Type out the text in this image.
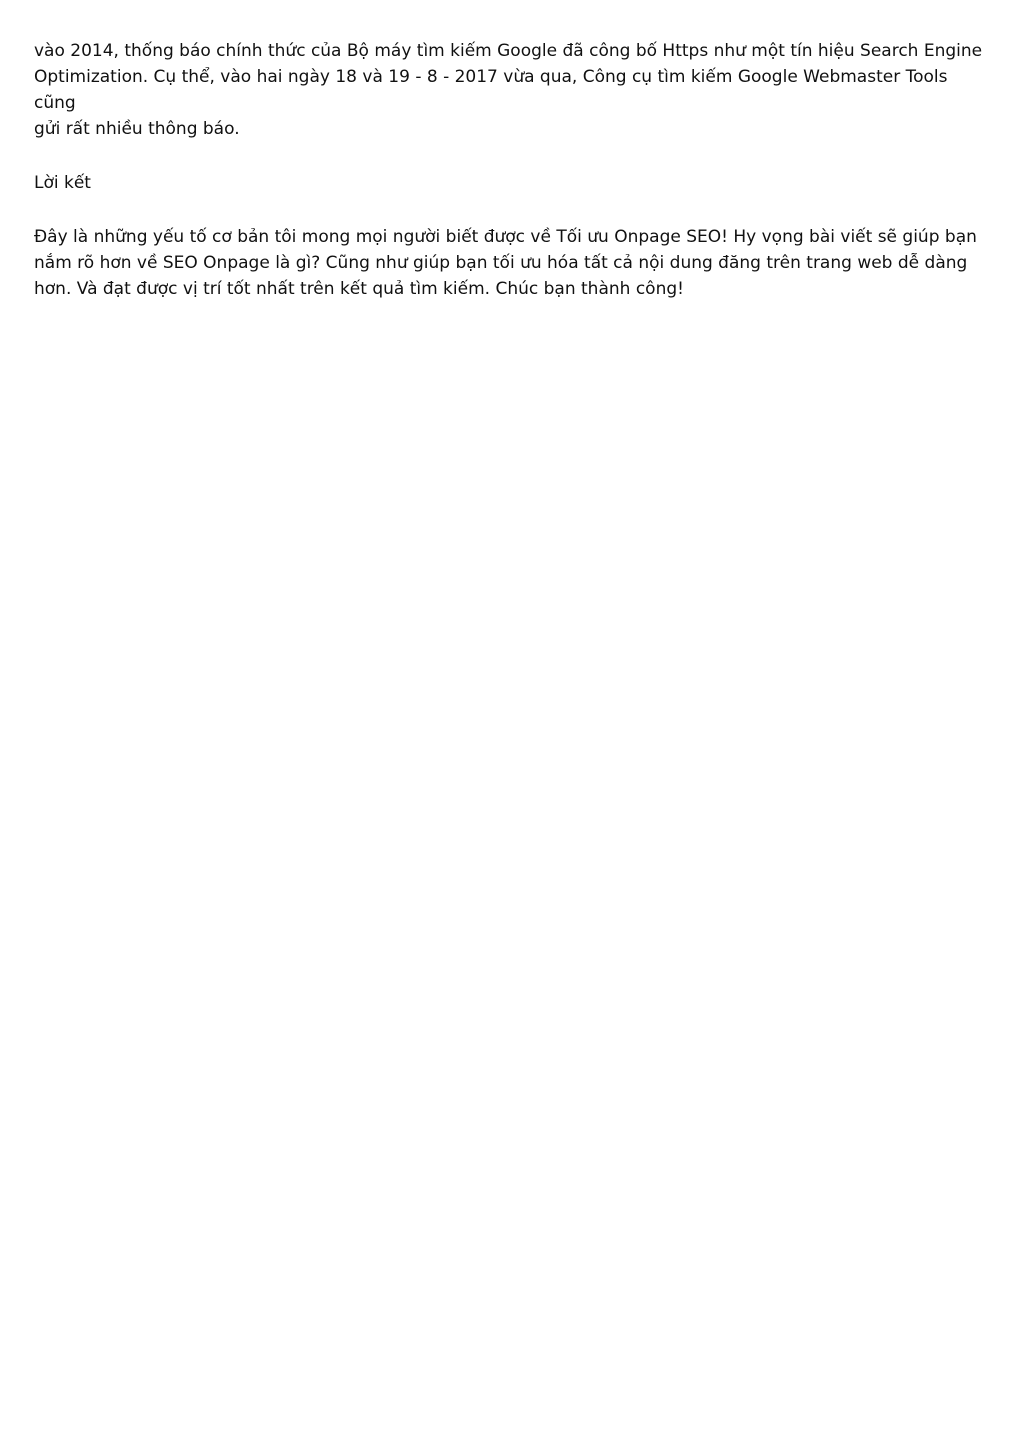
vào 2014, thống báo chính thức của Bộ máy tìm kiếm Google đã công bố Https như một tín hiệu Search Engine
Optimization. Cụ thể, vào hai ngày 18 và 19 - 8 - 2017 vừa qua, Công cụ tìm kiếm Google Webmaster Tools cũng
gửi rất nhiều thông báo.

Lời kết

Đây là những yếu tố cơ bản tôi mong mọi người biết được về Tối ưu Onpage SEO! Hy vọng bài viết sẽ giúp bạn
nắm rõ hơn về SEO Onpage là gì? Cũng như giúp bạn tối ưu hóa tất cả nội dung đăng trên trang web dễ dàng
hơn. Và đạt được vị trí tốt nhất trên kết quả tìm kiếm. Chúc bạn thành công!
